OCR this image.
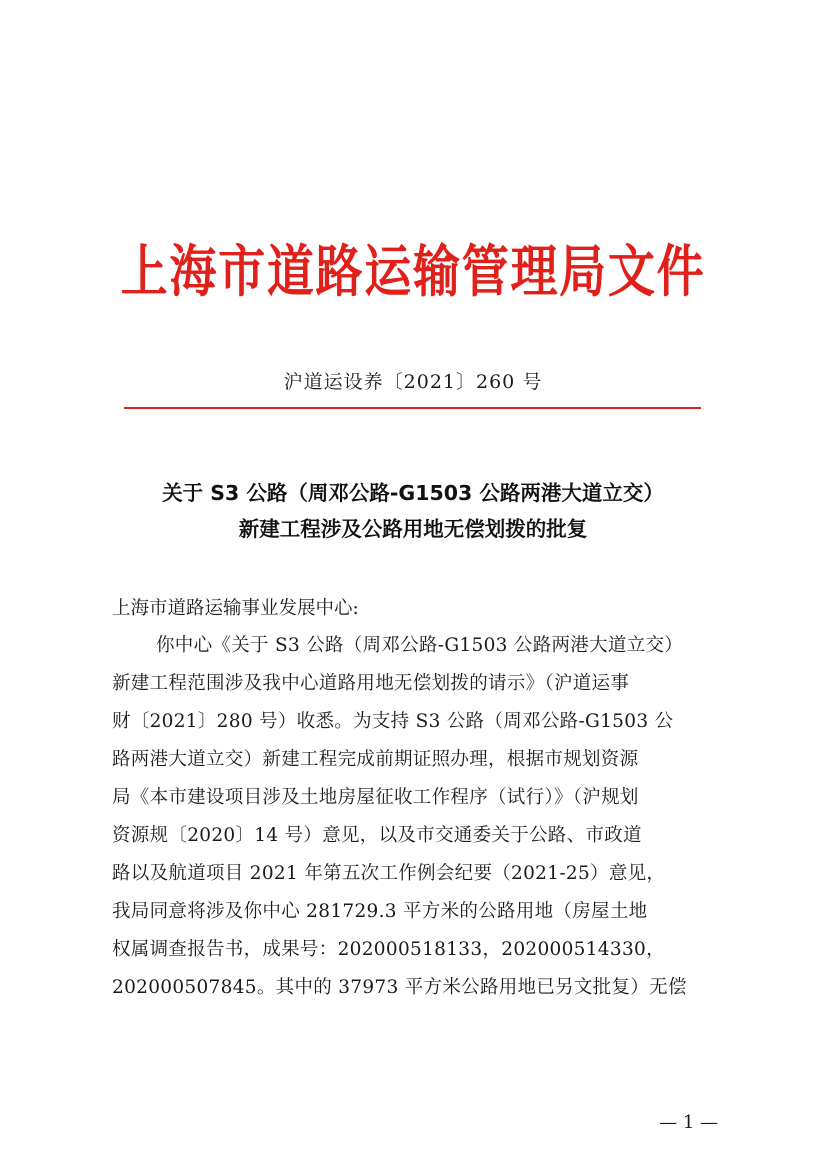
上海市道路运输管理局文件
沪道运设养〔2021〕260 号
关于 S3 公路（周邓公路-G1503 公路两港大道立交）
新建工程涉及公路用地无偿划拨的批复
上海市道路运输事业发展中心:
你中心《关于 S3 公路（周邓公路-G1503 公路两港大道立交）
新建工程范围涉及我中心道路用地无偿划拨的请示》（沪道运事
财〔2021〕280 号）收悉。为支持 S3 公路（周邓公路-G1503 公
路两港大道立交）新建工程完成前期证照办理，根据市规划资源
局《本市建设项目涉及土地房屋征收工作程序（试行）》（沪规划
资源规〔2020〕14 号）意见，以及市交通委关于公路、市政道
路以及航道项目 2021 年第五次工作例会纪要（2021-25）意见，
我局同意将涉及你中心 281729.3 平方米的公路用地（房屋土地
权属调查报告书，成果号：202000518133，202000514330，
202000507845。其中的 37973 平方米公路用地已另文批复）无偿
— 1 —
